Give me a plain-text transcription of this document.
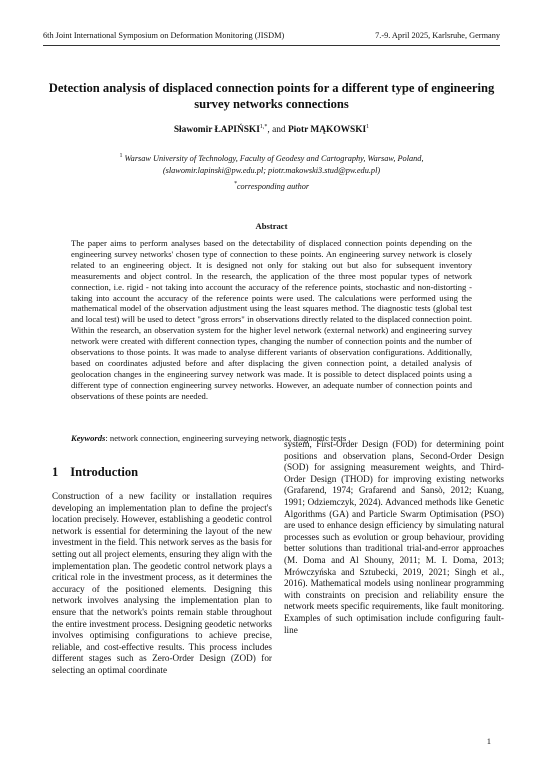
6th Joint International Symposium on Deformation Monitoring (JISDM)	7.-9. April 2025, Karlsruhe, Germany
Detection analysis of displaced connection points for a different type of engineering survey networks connections
Sławomir $ŁAPIŃSKI^{1,*}$, and Piotr MĄKOWSKI$^1$
$^1$ Warsaw University of Technology, Faculty of Geodesy and Cartography, Warsaw, Poland,
(slawomir.lapinski@pw.edu.pl; piotr.makowski3.stud@pw.edu.pl)
*corresponding author
Abstract
The paper aims to perform analyses based on the detectability of displaced connection points depending on the engineering survey networks' chosen type of connection to these points. An engineering survey network is closely related to an engineering object. It is designed not only for staking out but also for subsequent inventory measurements and object control. In the research, the application of the three most popular types of network connection, i.e. rigid - not taking into account the accuracy of the reference points, stochastic and non-distorting - taking into account the accuracy of the reference points were used. The calculations were performed using the mathematical model of the observation adjustment using the least squares method. The diagnostic tests (global test and local test) will be used to detect "gross errors" in observations directly related to the displaced connection point. Within the research, an observation system for the higher level network (external network) and engineering survey network were created with different connection types, changing the number of connection points and the number of observations to those points. It was made to analyse different variants of observation configurations. Additionally, based on coordinates adjusted before and after displacing the given connection point, a detailed analysis of geolocation changes in the engineering survey network was made. It is possible to detect displaced points using a different type of connection engineering survey networks. However, an adequate number of connection points and observations of these points are needed.
Keywords: network connection, engineering surveying network, diagnostic tests
1 Introduction
Construction of a new facility or installation requires developing an implementation plan to define the project's location precisely. However, establishing a geodetic control network is essential for determining the layout of the new investment in the field. This network serves as the basis for setting out all project elements, ensuring they align with the implementation plan. The geodetic control network plays a critical role in the investment process, as it determines the accuracy of the positioned elements. Designing this network involves analysing the implementation plan to ensure that the network's points remain stable throughout the entire investment process. Designing geodetic networks involves optimising configurations to achieve precise, reliable, and cost-effective results. This process includes different stages such as Zero-Order Design (ZOD) for selecting an optimal coordinate
system, First-Order Design (FOD) for determining point positions and observation plans, Second-Order Design (SOD) for assigning measurement weights, and Third-Order Design (THOD) for improving existing networks (Grafarend, 1974; Grafarend and Sansò, 2012; Kuang, 1991; Odziemczyk, 2024). Advanced methods like Genetic Algorithms (GA) and Particle Swarm Optimisation (PSO) are used to enhance design efficiency by simulating natural processes such as evolution or group behaviour, providing better solutions than traditional trial-and-error approaches (M. Doma and Al Shouny, 2011; M. I. Doma, 2013; Mrówczyńska and Sztubecki, 2019, 2021; Singh et al., 2016). Mathematical models using nonlinear programming with constraints on precision and reliability ensure the network meets specific requirements, like fault monitoring. Examples of such optimisation include configuring fault-line
1
